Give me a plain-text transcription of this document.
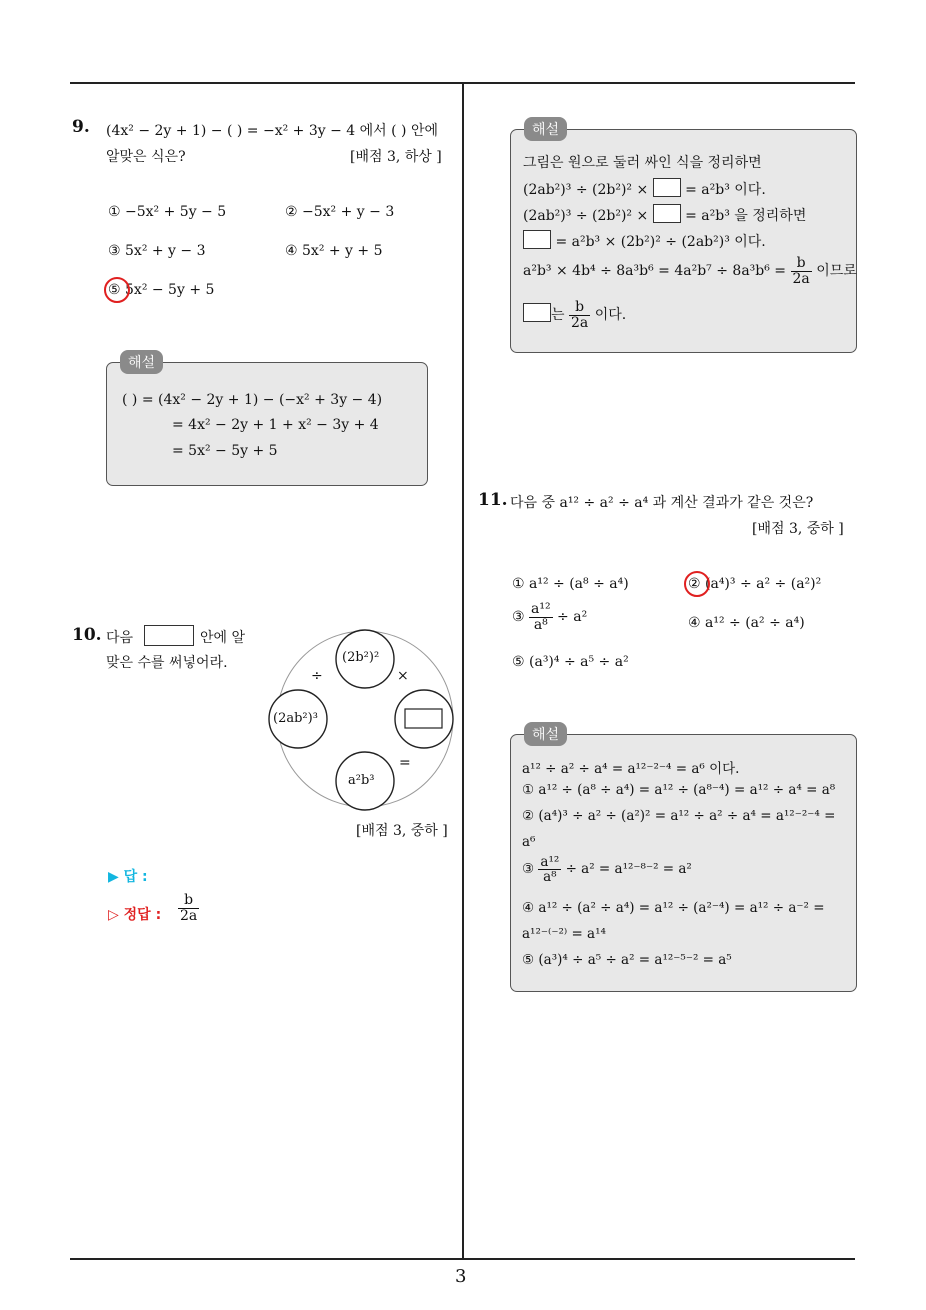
3
9. (4x² − 2y + 1) − ( ) = −x² + 3y − 4 에서 ( ) 안에
알맞은 식은?	[배점 3, 하상 ]
① −5x² + 5y − 5	② −5x² + y − 3
③ 5x² + y − 3	④ 5x² + y + 5
⑤ 5x² − 5y + 5
해설
( ) = (4x² − 2y + 1) − (−x² + 3y − 4)
= 4x² − 2y + 1 + x² − 3y + 4
= 5x² − 5y + 5
10. 다음	안에 알
맞은 수를 써넣어라.	(2b²)²
(2ab²)³
a²b³
÷	×
=
[배점 3, 중하 ]
▶ 답 :
▷ 정답 : $\frac{b}{2a}$
해설
그림은 원으로 둘러 싸인 식을 정리하면
(2ab²)³ ÷ (2b²)² ×	= a²b³ 이다.
(2ab²)³ ÷ (2b²)² ×	= a²b³ 을 정리하면
= a²b³ × (2b²)² ÷ (2ab²)³ 이다.
$a^2b^3 \times 4b^4 \div 8a^3b^6 = 4a^2b^7 \div 8a^3b^6 = \frac{b}{2a}$ 이므로
는 $\frac{b}{2a}$ 이다.
11. 다음 중 a¹² ÷ a² ÷ a⁴ 과 계산 결과가 같은 것은?
[배점 3, 중하 ]
① a¹² ÷ (a⁸ ÷ a⁴)	② (a⁴)³ ÷ a² ÷ (a²)²
③ $\frac{\text{a¹²}}{\text{a⁸}} \div a^2$	④ a¹² ÷ (a² ÷ a⁴)
⑤ (a³)⁴ ÷ a⁵ ÷ a²
해설
a¹² ÷ a² ÷ a⁴ = a¹²⁻²⁻⁴ = a⁶ 이다.
① a¹² ÷ (a⁸ ÷ a⁴) = a¹² ÷ (a⁸⁻⁴) = a¹² ÷ a⁴ = a⁸
② (a⁴)³ ÷ a² ÷ (a²)² = a¹² ÷ a² ÷ a⁴ = a¹²⁻²⁻⁴ =
a⁶
③ $\frac{\text{a¹²}}{\text{a⁸}} \div a^2 = a^{12-8-2} = a^2$
④ a¹² ÷ (a² ÷ a⁴) = a¹² ÷ (a²⁻⁴) = a¹² ÷ a⁻² =
a¹²⁻⁽⁻²⁾ = a¹⁴
⑤ (a³)⁴ ÷ a⁵ ÷ a² = a¹²⁻⁵⁻² = a⁵
